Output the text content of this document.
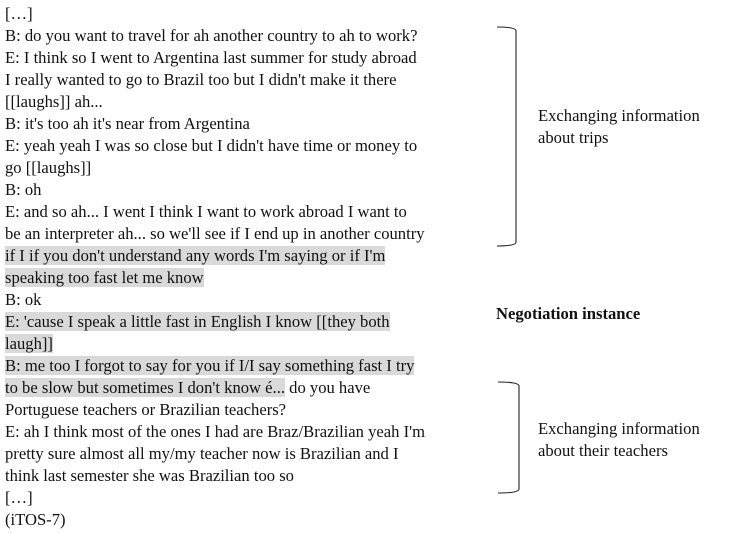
[…]
B: do you want to travel for ah another country to ah to work?
E: I think so I went to Argentina last summer for study abroad
I really wanted to go to Brazil too but I didn't make it there
[[laughs]] ah...
B: it's too ah it's near from Argentina
E: yeah yeah I was so close but I didn't have time or money to
go [[laughs]]
B: oh
E: and so ah... I went I think I want to work abroad I want to
be an interpreter ah... so we'll see if I end up in another country
if I if you don't understand any words I'm saying or if I'm
speaking too fast let me know
B: ok
E: 'cause I speak a little fast in English I know [[they both
laugh]]
B: me too I forgot to say for you if I/I say something fast I try
to be slow but sometimes I don't know é... do you have
Portuguese teachers or Brazilian teachers?
E: ah I think most of the ones I had are Braz/Brazilian yeah I'm
pretty sure almost all my/my teacher now is Brazilian and I
think last semester she was Brazilian too so
[…]
(iTOS-7)
Exchanging information
about trips
Negotiation instance
Exchanging information
about their teachers
